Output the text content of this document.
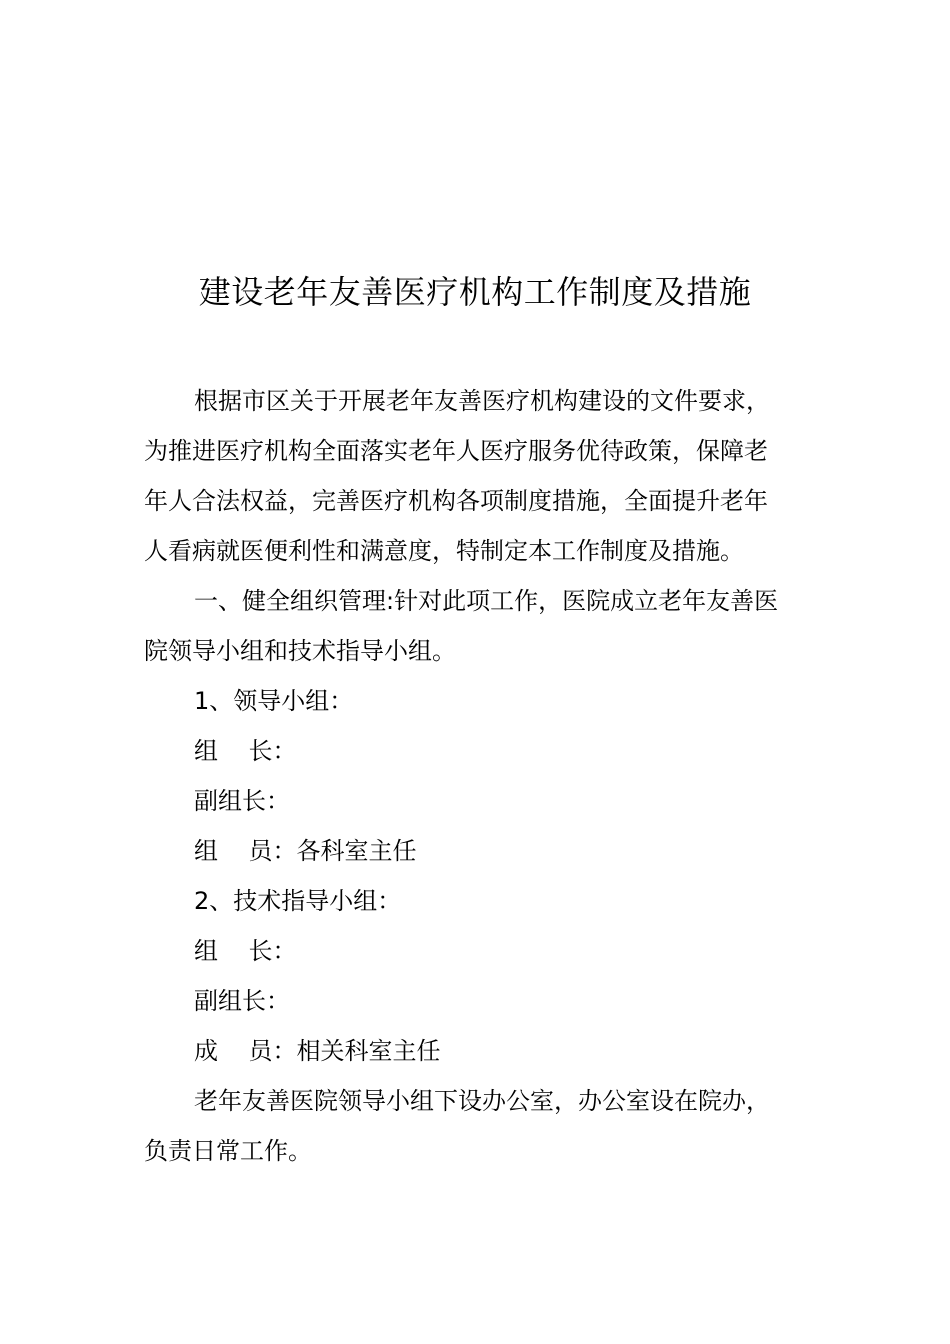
建设老年友善医疗机构工作制度及措施

根据市区关于开展老年友善医疗机构建设的文件要求，
为推进医疗机构全面落实老年人医疗服务优待政策，保障老
年人合法权益，完善医疗机构各项制度措施，全面提升老年
人看病就医便利性和满意度，特制定本工作制度及措施。

一、健全组织管理:针对此项工作，医院成立老年友善医
院领导小组和技术指导小组。

1、领导小组：

组    长：

副组长：

组    员：各科室主任

2、技术指导小组：

组    长：

副组长：

成    员：相关科室主任

老年友善医院领导小组下设办公室，办公室设在院办，
负责日常工作。
